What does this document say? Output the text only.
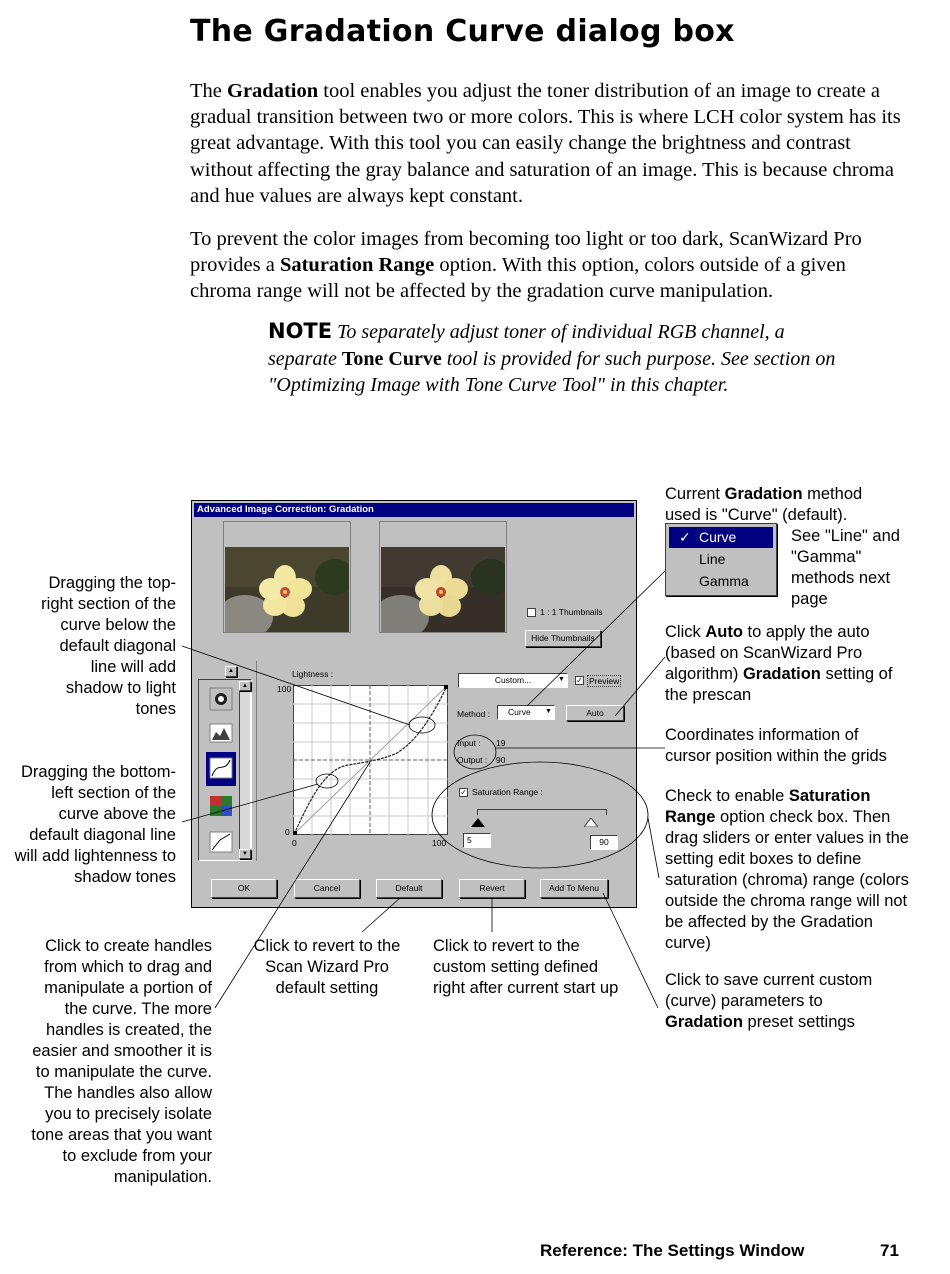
The Gradation Curve dialog box
The Gradation tool enables you adjust the toner distribution of an image to create a gradual transition between two or more colors. This is where LCH color system has its great advantage. With this tool you can easily change the brightness and contrast without affecting the gray balance and saturation of an image. This is because chroma and hue values are always kept constant.
To prevent the color images from becoming too light or too dark, ScanWizard Pro provides a Saturation Range option. With this option, colors outside of a given chroma range will not be affected by the gradation curve manipulation.
NOTE To separately adjust toner of individual RGB channel, a separate Tone Curve tool is provided for such purpose. See section on "Optimizing Image with Tone Curve Tool" in this chapter.
Advanced Image Correction: Gradation
1 : 1 Thumbnails
Hide Thumbnails
▲
▲
▼
Lightness :
100
0
0	100
Custom...	▼ ✓ Preview
Method :	Curve	▼	Auto
Input : 19
Output : 90
✓ Saturation Range :
5	90
OK	Cancel	Default	Revert	Add To Menu
✓ Curve
Line
Gamma
Current Gradation method
used is "Curve" (default).
See "Line" and "Gamma" methods next page
Click Auto to apply the auto (based on ScanWizard Pro algorithm) Gradation setting of the prescan
Coordinates information of cursor position within the grids
Check to enable Saturation Range option check box. Then drag sliders or enter values in the setting edit boxes to define saturation (chroma) range (colors outside the chroma range will not be affected by the Gradation curve)
Click to save current custom (curve) parameters to Gradation preset settings
Dragging the top-right section of the curve below the default diagonal line will add shadow to light tones
Dragging the bottom-left section of the curve above the default diagonal line will add lightenness to shadow tones
Click to create handles from which to drag and manipulate a portion of the curve. The more handles is created, the easier and smoother it is to manipulate the curve. The handles also allow you to precisely isolate tone areas that you want to exclude from your manipulation.
Click to revert to the Scan Wizard Pro default setting
Click to revert to the custom setting defined right after current start up
Reference: The Settings Window	71
